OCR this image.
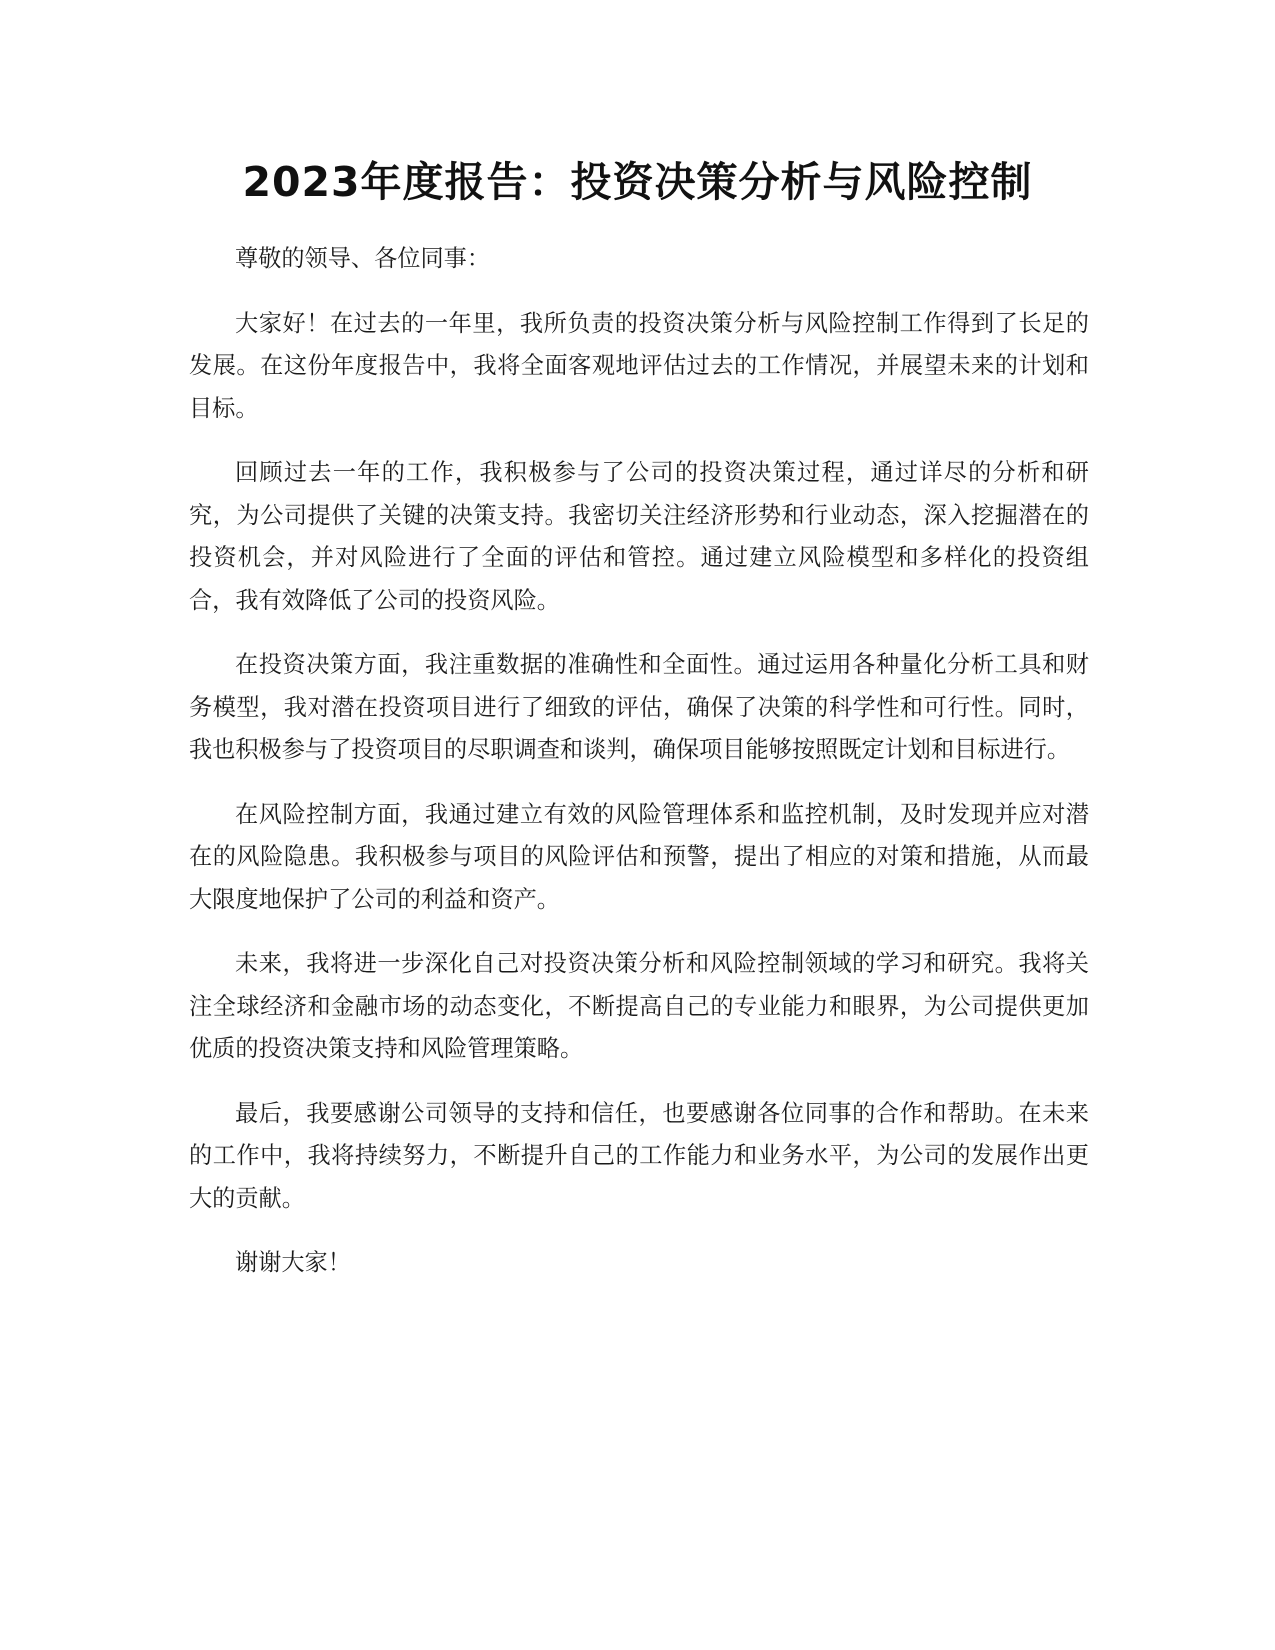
2023年度报告：投资决策分析与风险控制

尊敬的领导、各位同事：

大家好！在过去的一年里，我所负责的投资决策分析与风险控制工作得到了长足的发展。在这份年度报告中，我将全面客观地评估过去的工作情况，并展望未来的计划和目标。

回顾过去一年的工作，我积极参与了公司的投资决策过程，通过详尽的分析和研究，为公司提供了关键的决策支持。我密切关注经济形势和行业动态，深入挖掘潜在的投资机会，并对风险进行了全面的评估和管控。通过建立风险模型和多样化的投资组合，我有效降低了公司的投资风险。

在投资决策方面，我注重数据的准确性和全面性。通过运用各种量化分析工具和财务模型，我对潜在投资项目进行了细致的评估，确保了决策的科学性和可行性。同时，我也积极参与了投资项目的尽职调查和谈判，确保项目能够按照既定计划和目标进行。

在风险控制方面，我通过建立有效的风险管理体系和监控机制，及时发现并应对潜在的风险隐患。我积极参与项目的风险评估和预警，提出了相应的对策和措施，从而最大限度地保护了公司的利益和资产。

未来，我将进一步深化自己对投资决策分析和风险控制领域的学习和研究。我将关注全球经济和金融市场的动态变化，不断提高自己的专业能力和眼界，为公司提供更加优质的投资决策支持和风险管理策略。

最后，我要感谢公司领导的支持和信任，也要感谢各位同事的合作和帮助。在未来的工作中，我将持续努力，不断提升自己的工作能力和业务水平，为公司的发展作出更大的贡献。

谢谢大家！
